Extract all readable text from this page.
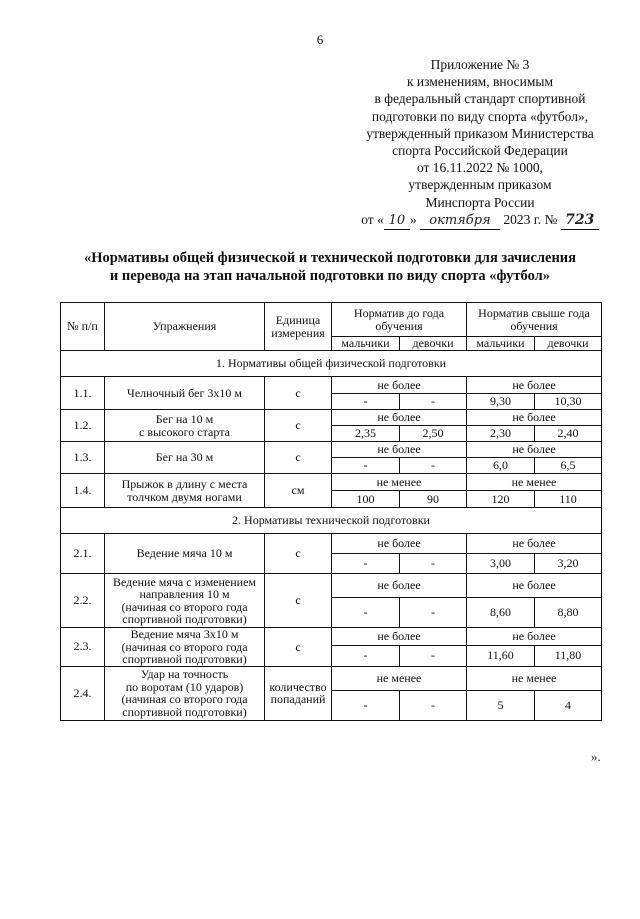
6
Приложение № 3
к изменениям, вносимым
в федеральный стандарт спортивной
подготовки по виду спорта «футбол»,
утвержденный приказом Министерства
спорта Российской Федерации
от 16.11.2022 № 1000,
утвержденным приказом
Минспорта России
от « 10 » октября 2023 г. № 723
«Нормативы общей физической и технической подготовки для зачисления
и перевода на этап начальной подготовки по виду спорта «футбол»
№ п/п	Упражнения	Единица измерения	Норматив до года обучения		Норматив свыше года обучения	
			мальчики	девочки	мальчики	девочки
1. Нормативы общей физической подготовки						
1.1.	Челночный бег 3х10 м	с	не более		не более	
			-	-	9,30	10,30
1.2.	Бег на 10 м
с высокого старта	с	не более		не более	
			2,35	2,50	2,30	2,40
1.3.	Бег на 30 м	с	не более		не более	
			-	-	6,0	6,5
1.4.	Прыжок в длину с места
толчком двумя ногами	см	не менее		не менее	
			100	90	120	110
2. Нормативы технической подготовки						
2.1.	Ведение мяча 10 м	с	не более		не более	
			-	-	3,00	3,20
2.2.	Ведение мяча с изменением
направления 10 м
(начиная со второго года
спортивной подготовки)	с	не более		не более	
			-	-	8,60	8,80
2.3.	Ведение мяча 3х10 м
(начиная со второго года
спортивной подготовки)	с	не более		не более	
			-	-	11,60	11,80
2.4.	Удар на точность
по воротам (10 ударов)
(начиная со второго года
спортивной подготовки)	количество
попаданий	не менее		не менее	
			-	-	5	4
».
